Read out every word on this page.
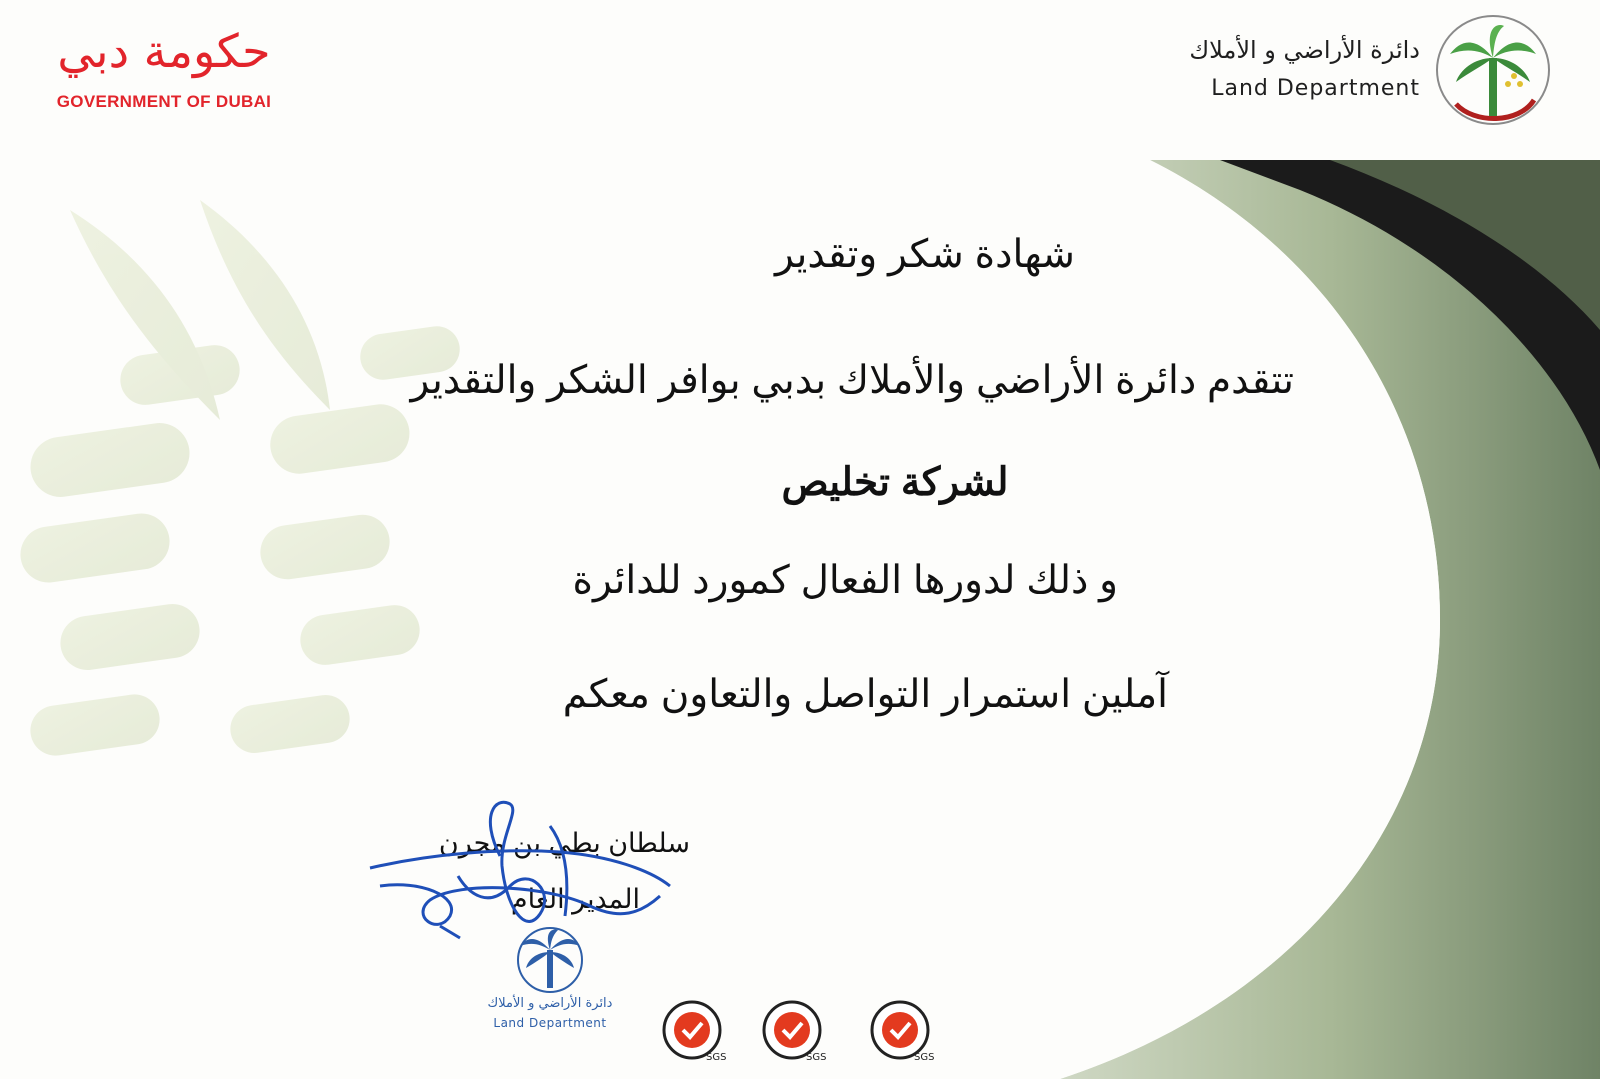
حكومة دبي
GOVERNMENT OF DUBAI
دائرة الأراضي و الأملاك
Land Department
شهادة شكر وتقدير
تتقدم دائرة الأراضي والأملاك بدبي بوافر الشكر والتقدير
لشركة تخليص
و ذلك لدورها الفعال كمورد للدائرة
آملين استمرار التواصل والتعاون معكم
سلطان بطي بن مجرن
المدير العام
دائرة الأراضي و الأملاك
Land Department
SGS	SGS	SGS
